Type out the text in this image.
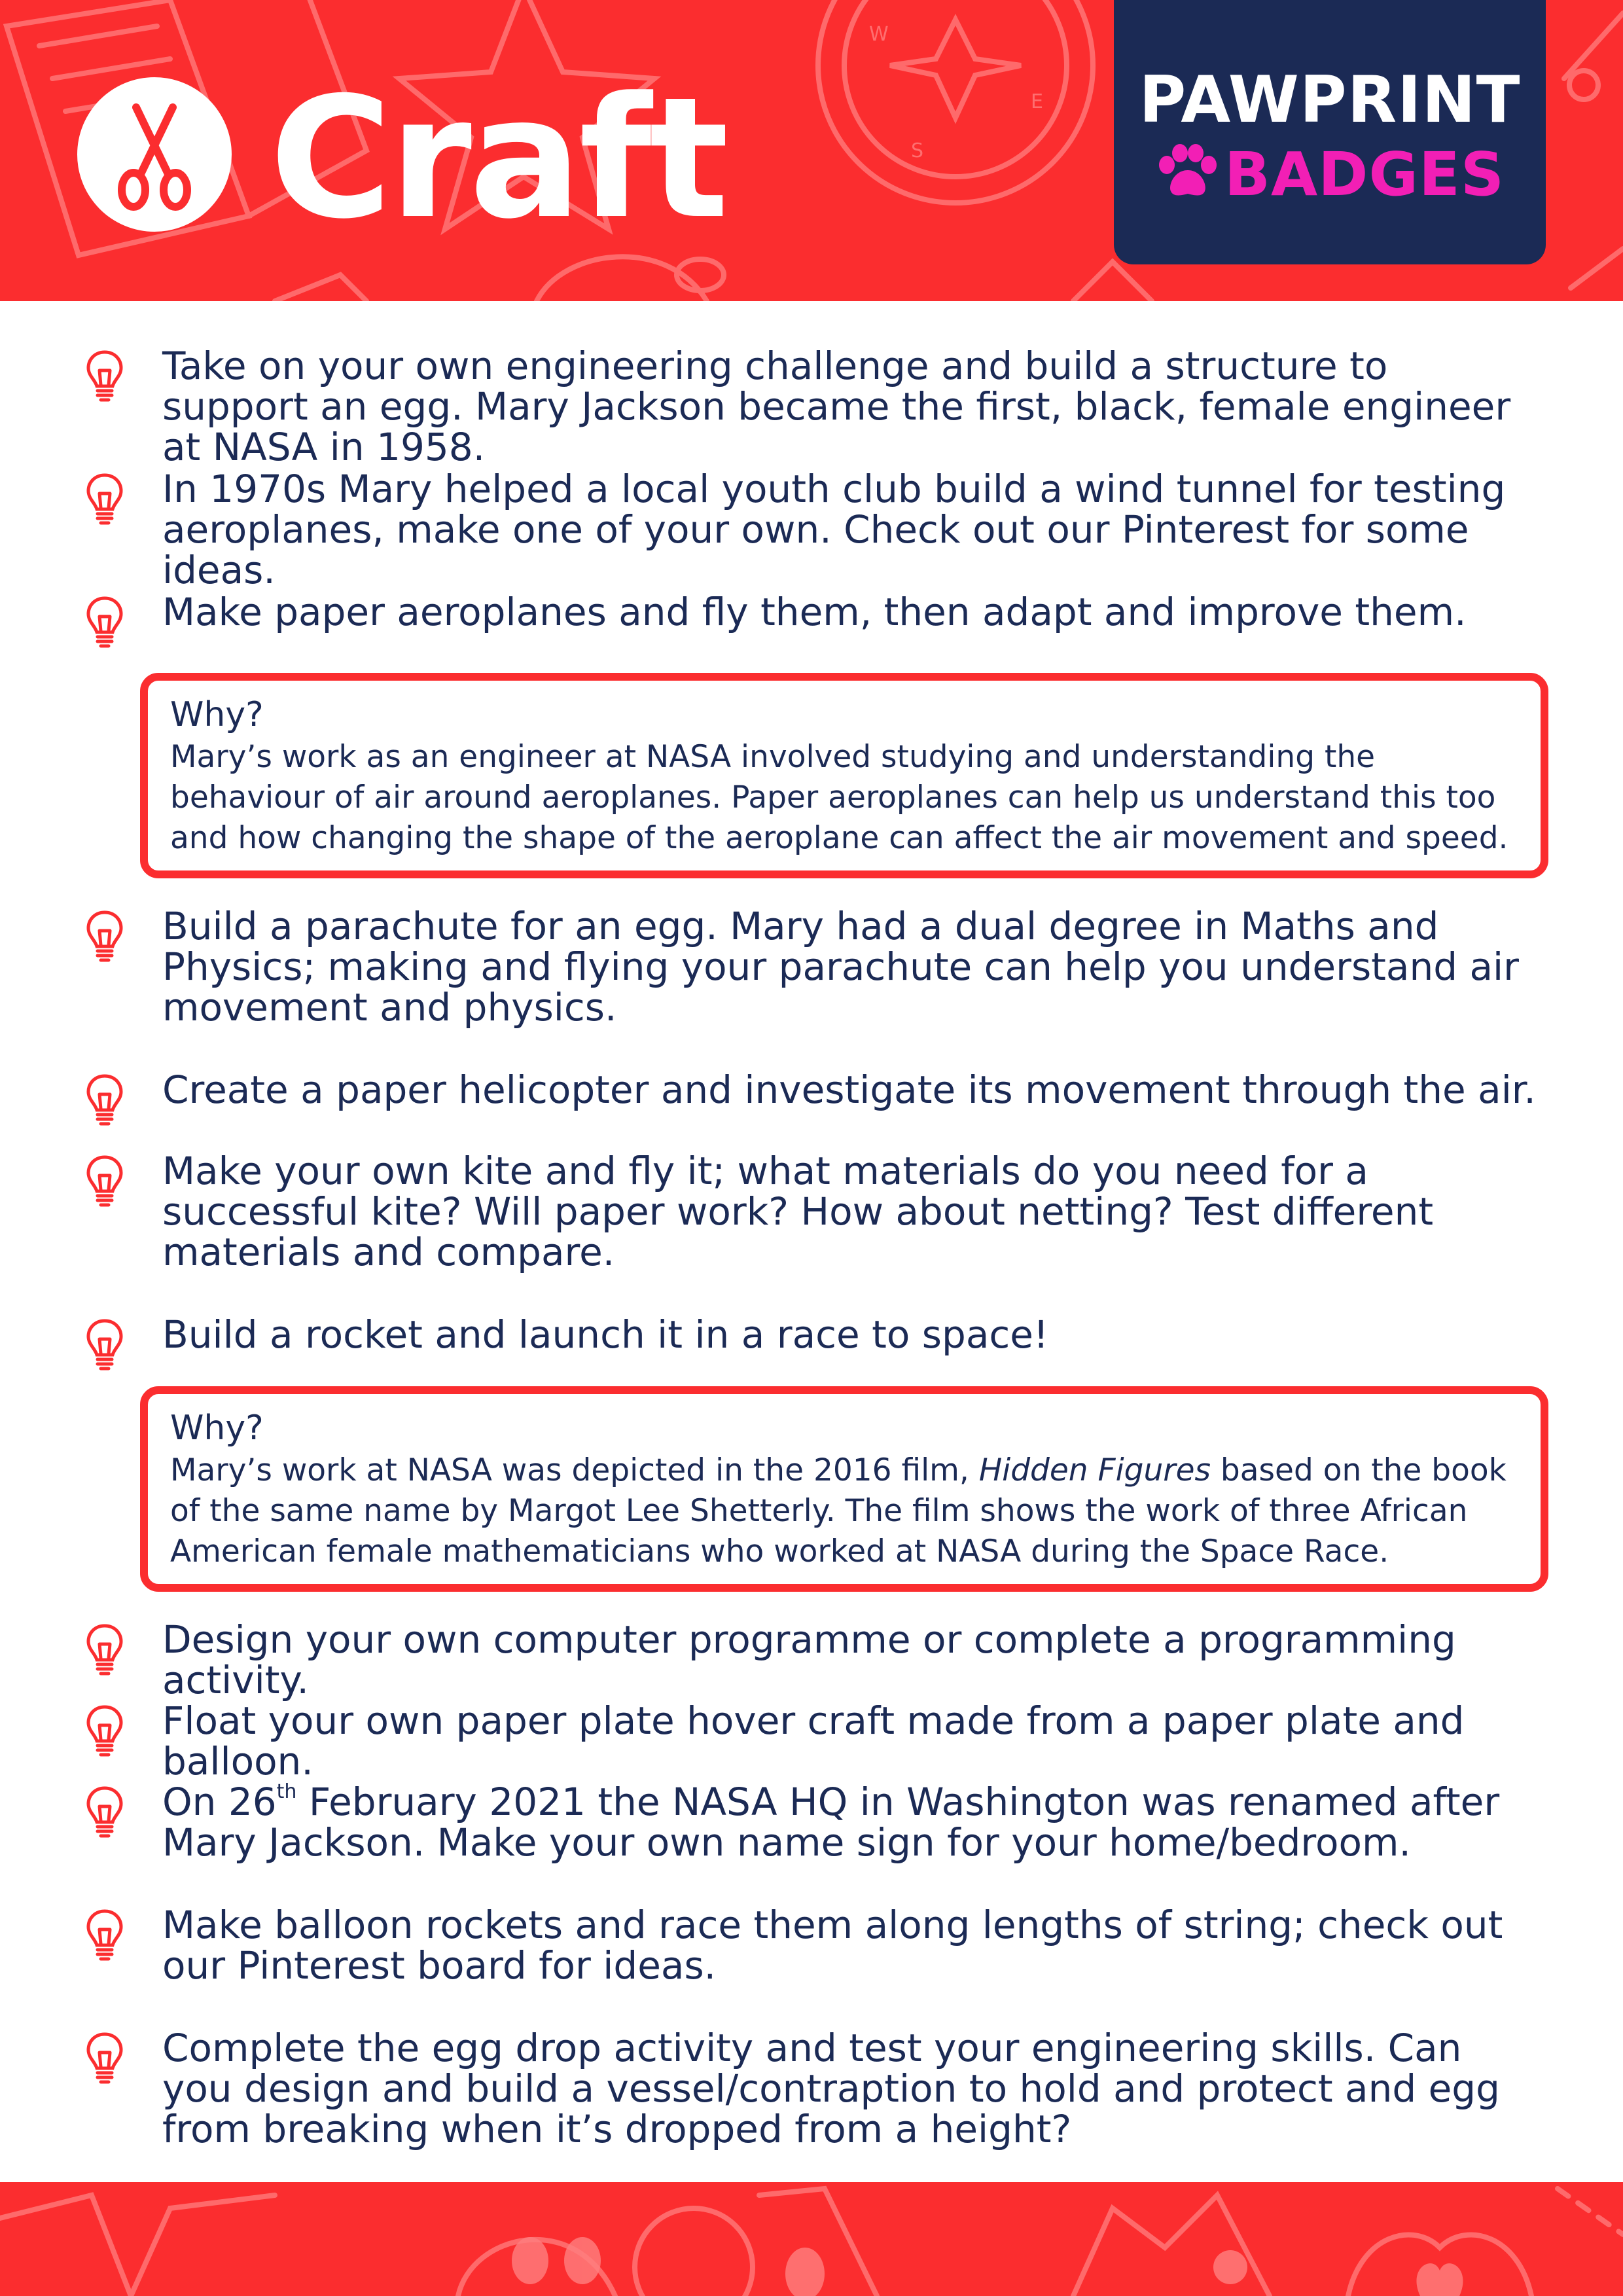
W
S
E
Craft	PAWPRINT
BADGES
Take on your own engineering challenge and build a structure to support an egg. Mary Jackson became the first, black, female engineer at NASA in 1958.
In 1970s Mary helped a local youth club build a wind tunnel for testing aeroplanes, make one of your own. Check out our Pinterest for some ideas.
Make paper aeroplanes and fly them, then adapt and improve them.
Why?
Mary’s work as an engineer at NASA involved studying and understanding the behaviour of air around aeroplanes. Paper aeroplanes can help us understand this too and how changing the shape of the aeroplane can affect the air movement and speed.
Build a parachute for an egg. Mary had a dual degree in Maths and Physics; making and flying your parachute can help you understand air movement and physics.
Create a paper helicopter and investigate its movement through the air.
Make your own kite and fly it; what materials do you need for a successful kite? Will paper work? How about netting? Test different materials and compare.
Build a rocket and launch it in a race to space!
Why?
Mary’s work at NASA was depicted in the 2016 film, Hidden Figures based on the book of the same name by Margot Lee Shetterly. The film shows the work of three African American female mathematicians who worked at NASA during the Space Race.
Design your own computer programme or complete a programming activity.
Float your own paper plate hover craft made from a paper plate and balloon.
On 26th February 2021 the NASA HQ in Washington was renamed after Mary Jackson. Make your own name sign for your home/bedroom.
Make balloon rockets and race them along lengths of string; check out our Pinterest board for ideas.
Complete the egg drop activity and test your engineering skills. Can you design and build a vessel/contraption to hold and protect and egg from breaking when it’s dropped from a height?
